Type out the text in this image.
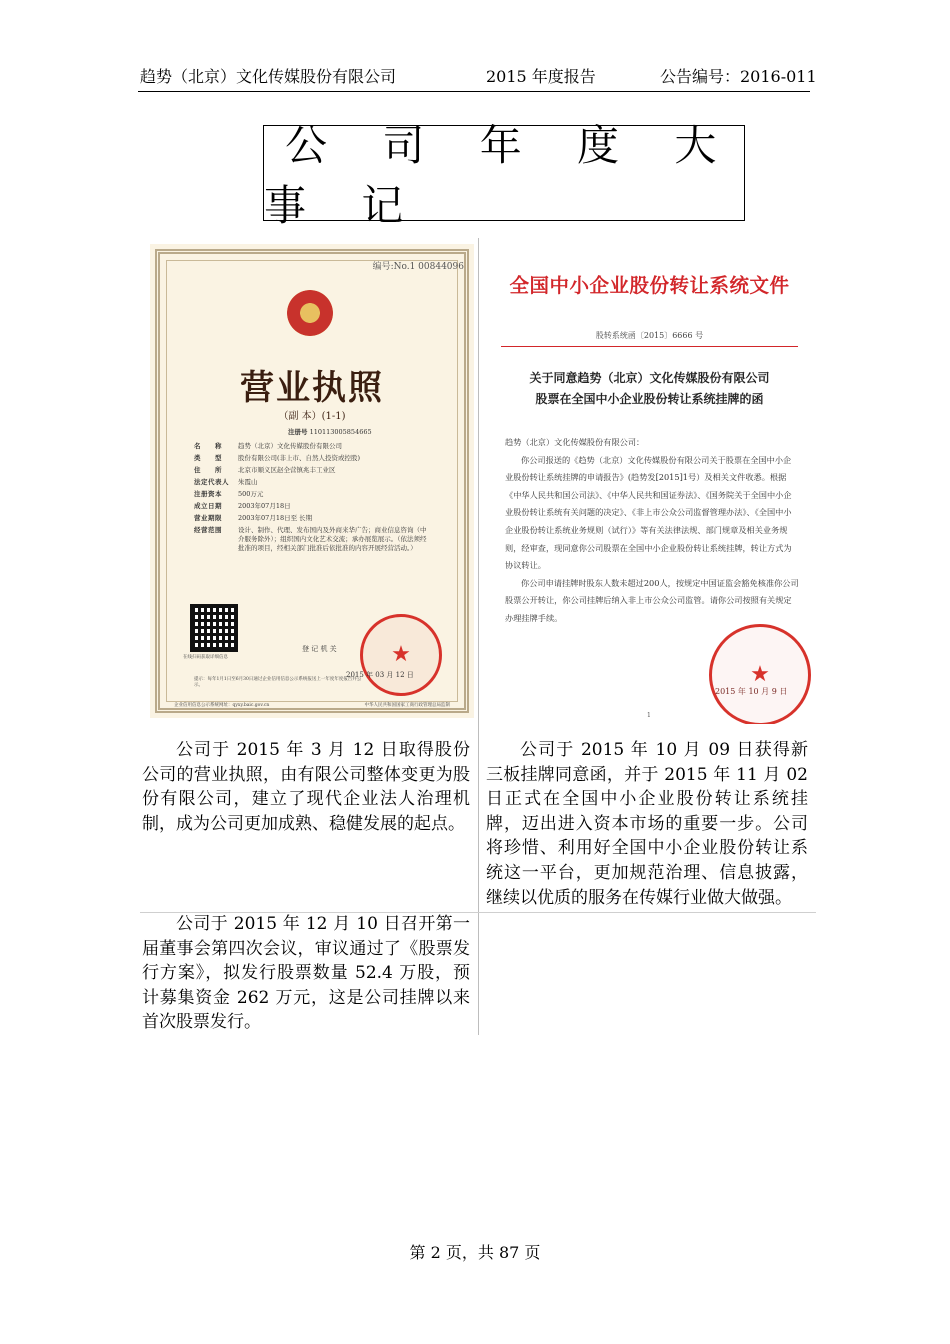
趋势（北京）文化传媒股份有限公司	2015 年度报告	公告编号：2016-011
公 司 年 度 大 事 记
编号:No.1 00844096
营业执照
（副 本）(1-1)
注册号 110113005854665
名　　称	趋势（北京）文化传媒股份有限公司
类　　型	股份有限公司(非上市、自然人投资或控股)
住　　所	北京市顺义区赵全营镇兆丰工业区
法定代表人	朱霞山
注册资本	500万元
成立日期	2003年07月18日
营业期限	2003年07月18日至 长期
经营范围	设计、制作、代理、发布国内及外商来华广告；商业信息咨询（中介服务除外）；组织国内文化艺术交流；承办展览展示。（依法须经批准的项目，经相关部门批准后依批准的内容开展经营活动。）
在线扫码获取详细信息
登 记 机 关 ★
2015 年 03 月 12 日
提示：每年1月1日至6月30日通过企业信用信息公示系统报送上一年度年度报告并公示。
企业信用信息公示系统网址：qyxy.baic.gov.cn	中华人民共和国国家工商行政管理总局监制
全国中小企业股份转让系统文件
股转系统函〔2015〕6666 号
关于同意趋势（北京）文化传媒股份有限公司
股票在全国中小企业股份转让系统挂牌的函

趋势（北京）文化传媒股份有限公司：

你公司报送的《趋势（北京）文化传媒股份有限公司关于股票在全国中小企业股份转让系统挂牌的申请报告》(趋势发[2015]1号）及相关文件收悉。根据《中华人民共和国公司法》、《中华人民共和国证券法》、《国务院关于全国中小企业股份转让系统有关问题的决定》、《非上市公众公司监督管理办法》、《全国中小企业股份转让系统业务规则（试行）》等有关法律法规、部门规章及相关业务规则，经审查，现同意你公司股票在全国中小企业股份转让系统挂牌，转让方式为协议转让。

你公司申请挂牌时股东人数未超过200人，按规定中国证监会豁免核准你公司股票公开转让，你公司挂牌后纳入非上市公众公司监管。请你公司按照有关规定办理挂牌手续。

★
2015 年 10 月 9 日
1

公司于 2015 年 3 月 12 日取得股份公司的营业执照，由有限公司整体变更为股份有限公司，建立了现代企业法人治理机制，成为公司更加成熟、稳健发展的起点。

公司于 2015 年 10 月 09 日获得新三板挂牌同意函，并于 2015 年 11 月 02 日正式在全国中小企业股份转让系统挂牌，迈出进入资本市场的重要一步。公司将珍惜、利用好全国中小企业股份转让系统这一平台，更加规范治理、信息披露，继续以优质的服务在传媒行业做大做强。

公司于 2015 年 12 月 10 日召开第一届董事会第四次会议，审议通过了《股票发行方案》，拟发行股票数量 52.4 万股，预计募集资金 262 万元，这是公司挂牌以来首次股票发行。

第 2 页，共 87 页
